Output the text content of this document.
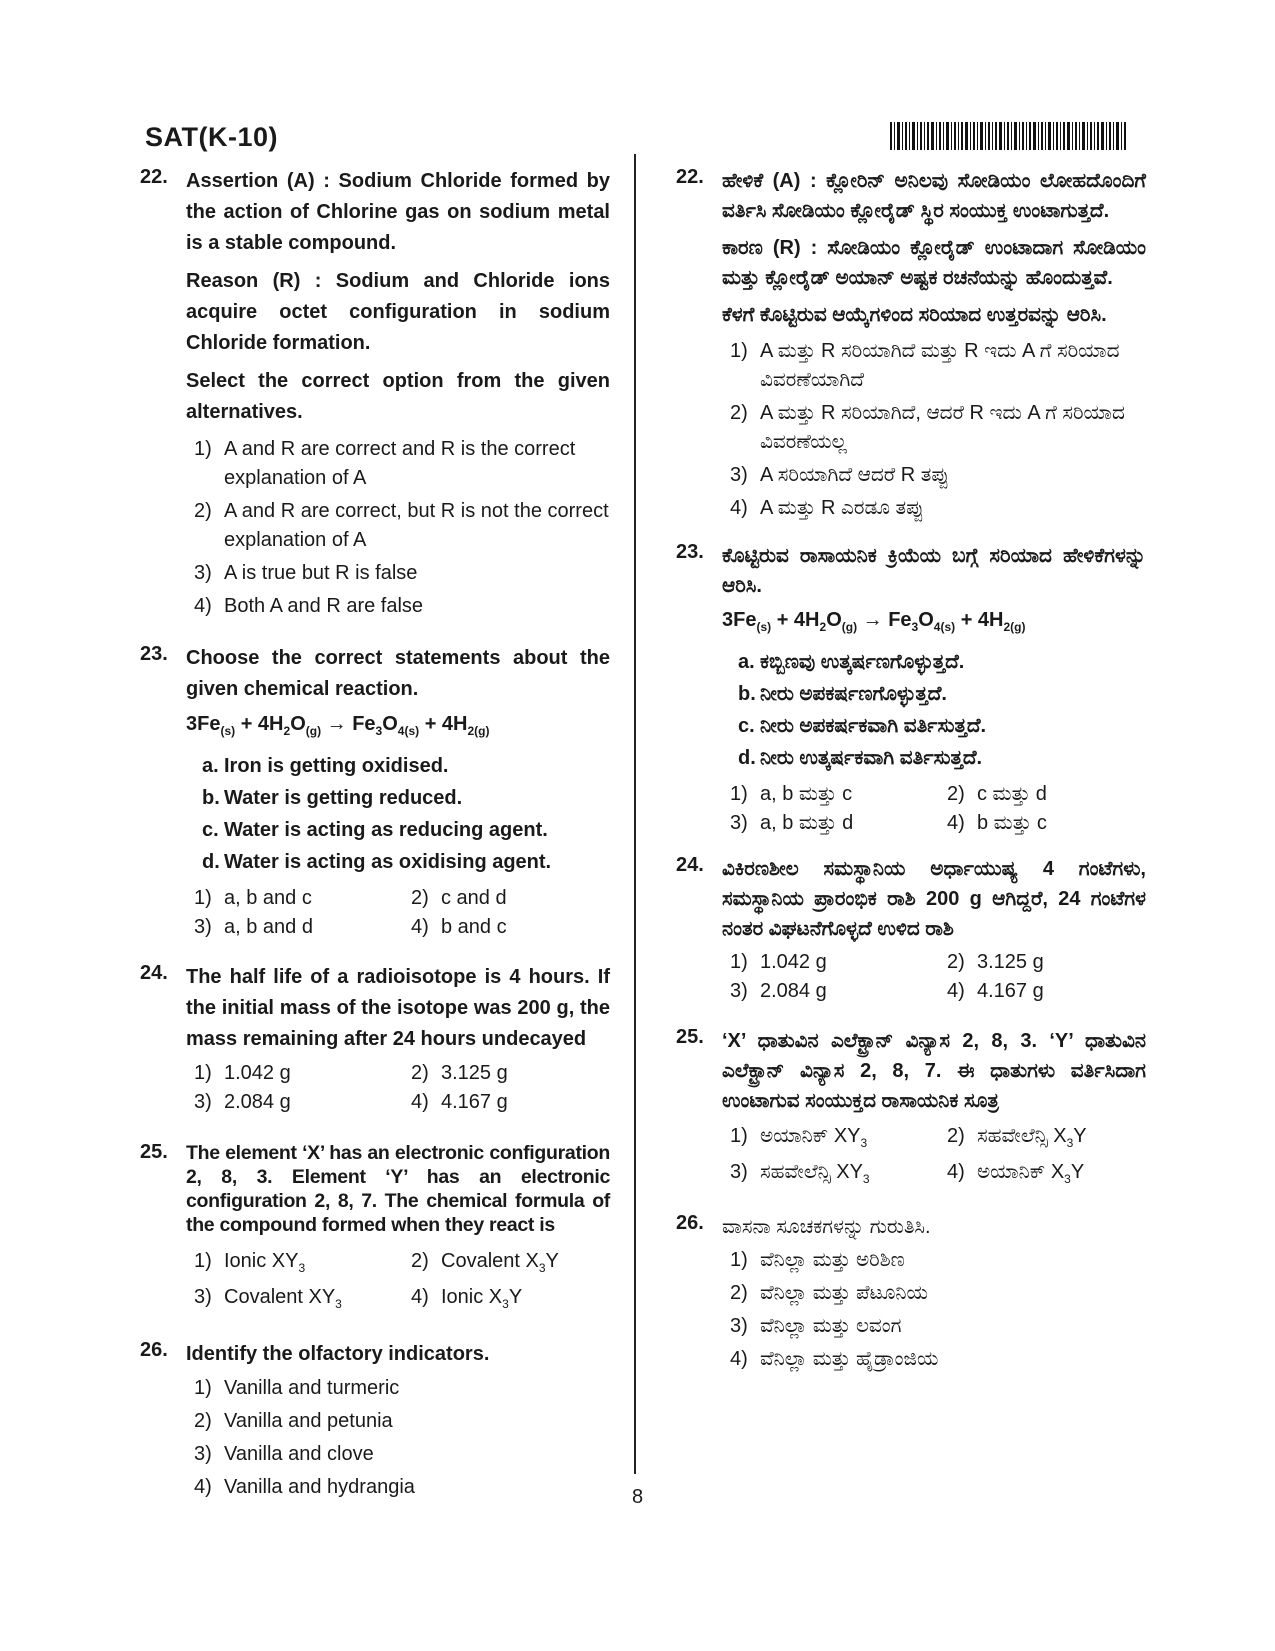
SAT(K-10)
22. Assertion (A) : Sodium Chloride formed by the action of Chlorine gas on sodium metal is a stable compound.

Reason (R) : Sodium and Chloride ions acquire octet configuration in sodium Chloride formation.

Select the correct option from the given alternatives.

1) A and R are correct and R is the correct explanation of A
2) A and R are correct, but R is not the correct explanation of A
3) A is true but R is false
4) Both A and R are false
23. Choose the correct statements about the given chemical reaction.
$3Fe_{(s)} + 4H_2O_{(g)} \to Fe_3O_{4(s)} + 4H_{2(g)}$
a. Iron is getting oxidised.
b. Water is getting reduced.
c. Water is acting as reducing agent.
d. Water is acting as oxidising agent.
1) a, b and c	2) c and d
3) a, b and d	4) b and c
24. The half life of a radioisotope is 4 hours. If the initial mass of the isotope was 200 g, the mass remaining after 24 hours undecayed
1) 1.042 g	2) 3.125 g
3) 2.084 g	4) 4.167 g
25. The element ‘X’ has an electronic configuration 2, 8, 3. Element ‘Y’ has an electronic configuration 2, 8, 7. The chemical formula of the compound formed when they react is
1) Ionic $XY_3$	2) Covalent $X_3Y$
3) Covalent $XY_3$	4) Ionic $X_3Y$
26. Identify the olfactory indicators.
1) Vanilla and turmeric
2) Vanilla and petunia
3) Vanilla and clove
4) Vanilla and hydrangia
22. ಹೇಳಿಕೆ (A) : ಕ್ಲೋರಿನ್ ಅನಿಲವು ಸೋಡಿಯಂ ಲೋಹದೊಂದಿಗೆ ವರ್ತಿಸಿ ಸೋಡಿಯಂ ಕ್ಲೋರೈಡ್ ಸ್ಥಿರ ಸಂಯುಕ್ತ ಉಂಟಾಗುತ್ತದೆ.

ಕಾರಣ (R) : ಸೋಡಿಯಂ ಕ್ಲೋರೈಡ್ ಉಂಟಾದಾಗ ಸೋಡಿಯಂ ಮತ್ತು ಕ್ಲೋರೈಡ್ ಅಯಾನ್ ಅಷ್ಟಕ ರಚನೆಯನ್ನು ಹೊಂದುತ್ತವೆ.

ಕೆಳಗೆ ಕೊಟ್ಟಿರುವ ಆಯ್ಕೆಗಳಿಂದ ಸರಿಯಾದ ಉತ್ತರವನ್ನು ಆರಿಸಿ.

1) A ಮತ್ತು R ಸರಿಯಾಗಿದೆ ಮತ್ತು R ಇದು A ಗೆ ಸರಿಯಾದ ವಿವರಣೆಯಾಗಿದೆ
2) A ಮತ್ತು R ಸರಿಯಾಗಿದೆ, ಆದರೆ R ಇದು A ಗೆ ಸರಿಯಾದ ವಿವರಣೆಯಲ್ಲ
3) A ಸರಿಯಾಗಿದೆ ಆದರೆ R ತಪ್ಪು
4) A ಮತ್ತು R ಎರಡೂ ತಪ್ಪು
23. ಕೊಟ್ಟಿರುವ ರಾಸಾಯನಿಕ ಕ್ರಿಯೆಯ ಬಗ್ಗೆ ಸರಿಯಾದ ಹೇಳಿಕೆಗಳನ್ನು ಆರಿಸಿ.
$3Fe_{(s)} + 4H_2O_{(g)} \to Fe_3O_{4(s)} + 4H_{2(g)}$
a. ಕಬ್ಬಿಣವು ಉತ್ಕರ್ಷಣಗೊಳ್ಳುತ್ತದೆ.
b. ನೀರು ಅಪಕರ್ಷಣಗೊಳ್ಳುತ್ತದೆ.
c. ನೀರು ಅಪಕರ್ಷಕವಾಗಿ ವರ್ತಿಸುತ್ತದೆ.
d. ನೀರು ಉತ್ಕರ್ಷಕವಾಗಿ ವರ್ತಿಸುತ್ತದೆ.
1) a, b ಮತ್ತು c	2) c ಮತ್ತು d
3) a, b ಮತ್ತು d	4) b ಮತ್ತು c
24. ವಿಕಿರಣಶೀಲ ಸಮಸ್ಥಾನಿಯ ಅರ್ಧಾಯುಷ್ಯ 4 ಗಂಟೆಗಳು, ಸಮಸ್ಥಾನಿಯ ಪ್ರಾರಂಭಿಕ ರಾಶಿ 200 g ಆಗಿದ್ದರೆ, 24 ಗಂಟೆಗಳ ನಂತರ ವಿಘಟನೆಗೊಳ್ಳದೆ ಉಳಿದ ರಾಶಿ
1) 1.042 g	2) 3.125 g
3) 2.084 g	4) 4.167 g
25. ‘X’ ಧಾತುವಿನ ಎಲೆಕ್ಟ್ರಾನ್ ವಿನ್ಯಾಸ 2, 8, 3. ‘Y’ ಧಾತುವಿನ ಎಲೆಕ್ಟ್ರಾನ್ ವಿನ್ಯಾಸ 2, 8, 7. ಈ ಧಾತುಗಳು ವರ್ತಿಸಿದಾಗ ಉಂಟಾಗುವ ಸಂಯುಕ್ತದ ರಾಸಾಯನಿಕ ಸೂತ್ರ
1) ಅಯಾನಿಕ್ $XY_3$	2) ಸಹವೇಲೆನ್ಸಿ $X_3Y$
3) ಸಹವೇಲೆನ್ಸಿ $XY_3$	4) ಅಯಾನಿಕ್ $X_3Y$
26. ವಾಸನಾ ಸೂಚಕಗಳನ್ನು ಗುರುತಿಸಿ.
1) ವೆನಿಲ್ಲಾ ಮತ್ತು ಅರಿಶಿಣ
2) ವೆನಿಲ್ಲಾ ಮತ್ತು ಪೆಟೂನಿಯ
3) ವೆನಿಲ್ಲಾ ಮತ್ತು ಲವಂಗ
4) ವೆನಿಲ್ಲಾ ಮತ್ತು ಹೈಡ್ರಾಂಜಿಯ
8
